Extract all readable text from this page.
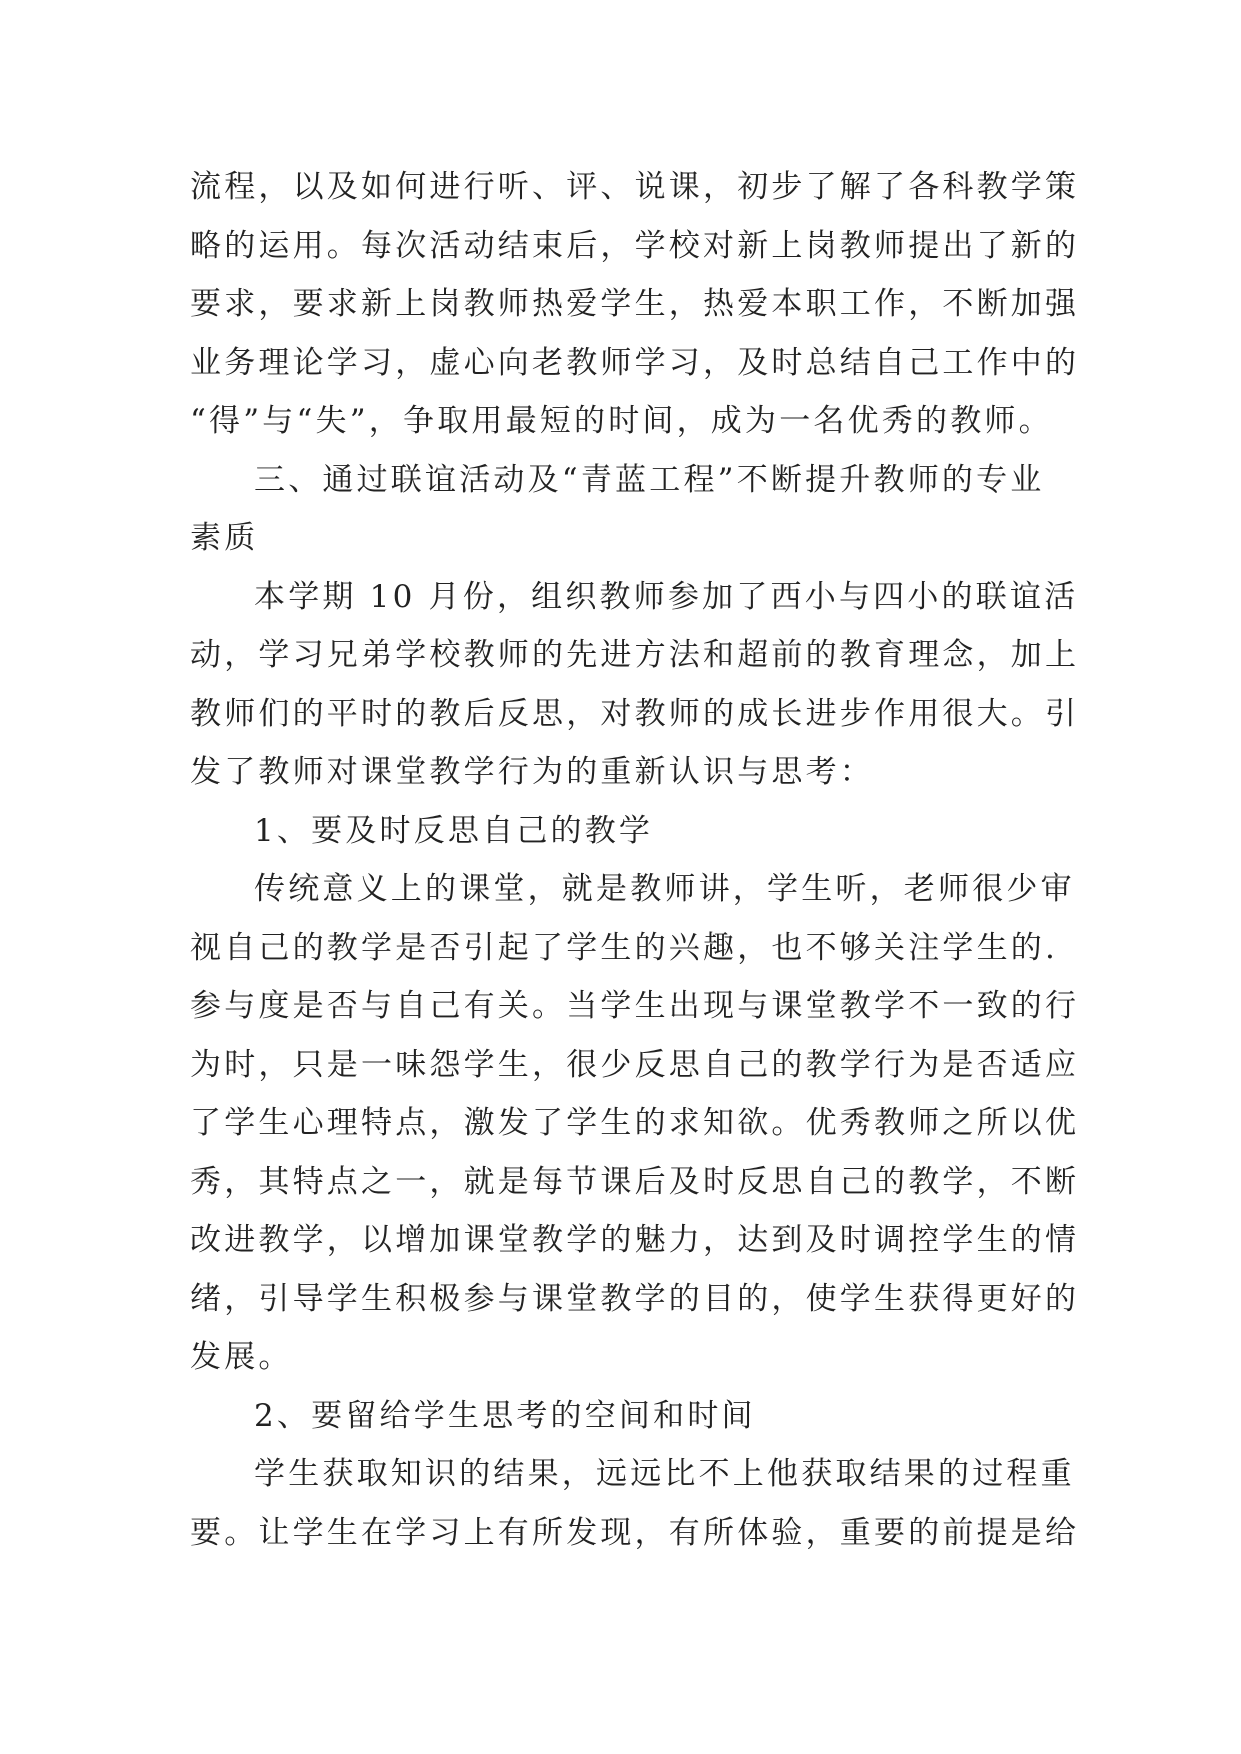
流程，以及如何进行听、评、说课，初步了解了各科教学策
略的运用。每次活动结束后，学校对新上岗教师提出了新的
要求，要求新上岗教师热爱学生，热爱本职工作，不断加强
业务理论学习，虚心向老教师学习，及时总结自己工作中的
“得”与“失”，争取用最短的时间，成为一名优秀的教师。
三、通过联谊活动及“青蓝工程”不断提升教师的专业
素质
本学期 10 月份，组织教师参加了西小与四小的联谊活
动，学习兄弟学校教师的先进方法和超前的教育理念，加上
教师们的平时的教后反思，对教师的成长进步作用很大。引
发了教师对课堂教学行为的重新认识与思考：
1、要及时反思自己的教学
传统意义上的课堂，就是教师讲，学生听，老师很少审
视自己的教学是否引起了学生的兴趣，也不够关注学生的.
参与度是否与自己有关。当学生出现与课堂教学不一致的行
为时，只是一味怨学生，很少反思自己的教学行为是否适应
了学生心理特点，激发了学生的求知欲。优秀教师之所以优
秀，其特点之一，就是每节课后及时反思自己的教学，不断
改进教学，以增加课堂教学的魅力，达到及时调控学生的情
绪，引导学生积极参与课堂教学的目的，使学生获得更好的
发展。
2、要留给学生思考的空间和时间
学生获取知识的结果，远远比不上他获取结果的过程重
要。让学生在学习上有所发现，有所体验，重要的前提是给
